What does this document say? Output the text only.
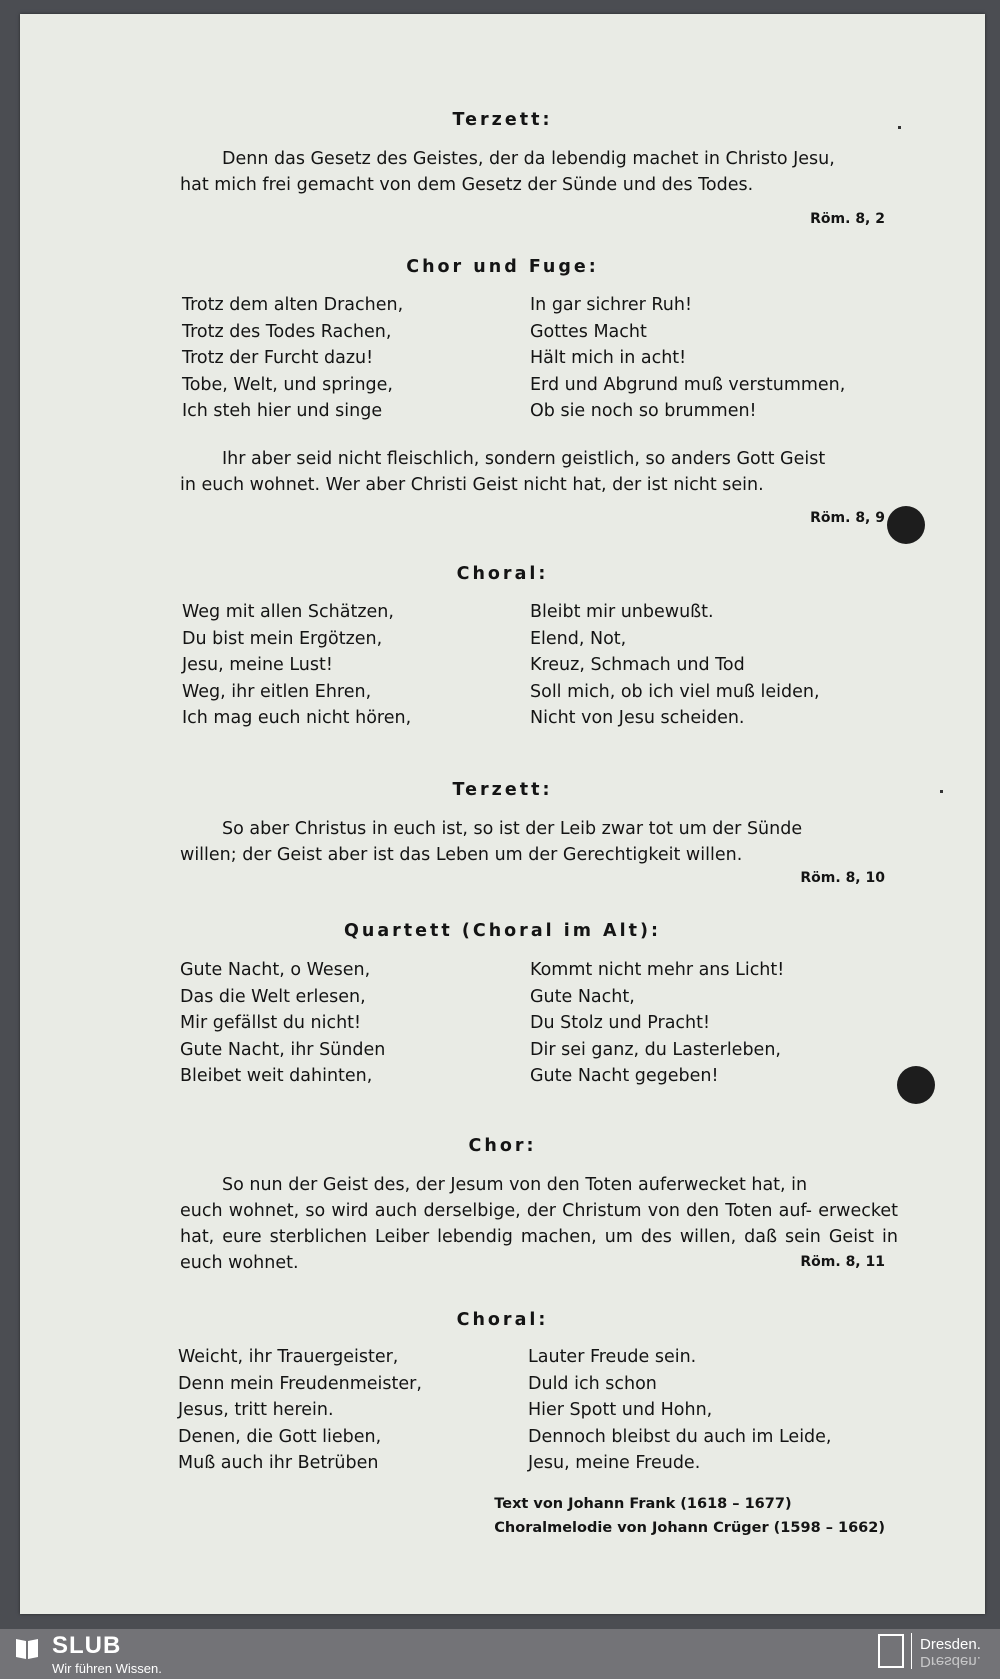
Terzett:
Denn das Gesetz des Geistes, der da lebendig machet in Christo Jesu,
hat mich frei gemacht von dem Gesetz der Sünde und des Todes.
Röm. 8, 2
Chor und Fuge:
Trotz dem alten Drachen,
Trotz des Todes Rachen,
Trotz der Furcht dazu!
Tobe, Welt, und springe,
Ich steh hier und singe
In gar sichrer Ruh!
Gottes Macht
Hält mich in acht!
Erd und Abgrund muß verstummen,
Ob sie noch so brummen!
Ihr aber seid nicht fleischlich, sondern geistlich, so anders Gott Geist
in euch wohnet. Wer aber Christi Geist nicht hat, der ist nicht sein.
Röm. 8, 9
Choral:
Weg mit allen Schätzen,
Du bist mein Ergötzen,
Jesu, meine Lust!
Weg, ihr eitlen Ehren,
Ich mag euch nicht hören,
Bleibt mir unbewußt.
Elend, Not,
Kreuz, Schmach und Tod
Soll mich, ob ich viel muß leiden,
Nicht von Jesu scheiden.
Terzett:
So aber Christus in euch ist, so ist der Leib zwar tot um der Sünde
willen; der Geist aber ist das Leben um der Gerechtigkeit willen.
Röm. 8, 10
Quartett (Choral im Alt):
Gute Nacht, o Wesen,
Das die Welt erlesen,
Mir gefällst du nicht!
Gute Nacht, ihr Sünden
Bleibet weit dahinten,
Kommt nicht mehr ans Licht!
Gute Nacht,
Du Stolz und Pracht!
Dir sei ganz, du Lasterleben,
Gute Nacht gegeben!
Chor:
So nun der Geist des, der Jesum von den Toten auferwecket hat, in
euch wohnet, so wird auch derselbige, der Christum von den Toten auf- erwecket hat, eure sterblichen Leiber lebendig machen, um des willen, daß sein Geist in euch wohnet.	Röm. 8, 11
Choral:
Weicht, ihr Trauergeister,
Denn mein Freudenmeister,
Jesus, tritt herein.
Denen, die Gott lieben,
Muß auch ihr Betrüben
Lauter Freude sein.
Duld ich schon
Hier Spott und Hohn,
Dennoch bleibst du auch im Leide,
Jesu, meine Freude.
Text von Johann Frank (1618 – 1677)
Choralmelodie von Johann Crüger (1598 – 1662)
SLUB
Wir führen Wissen.
Dresden.
Dresden.
